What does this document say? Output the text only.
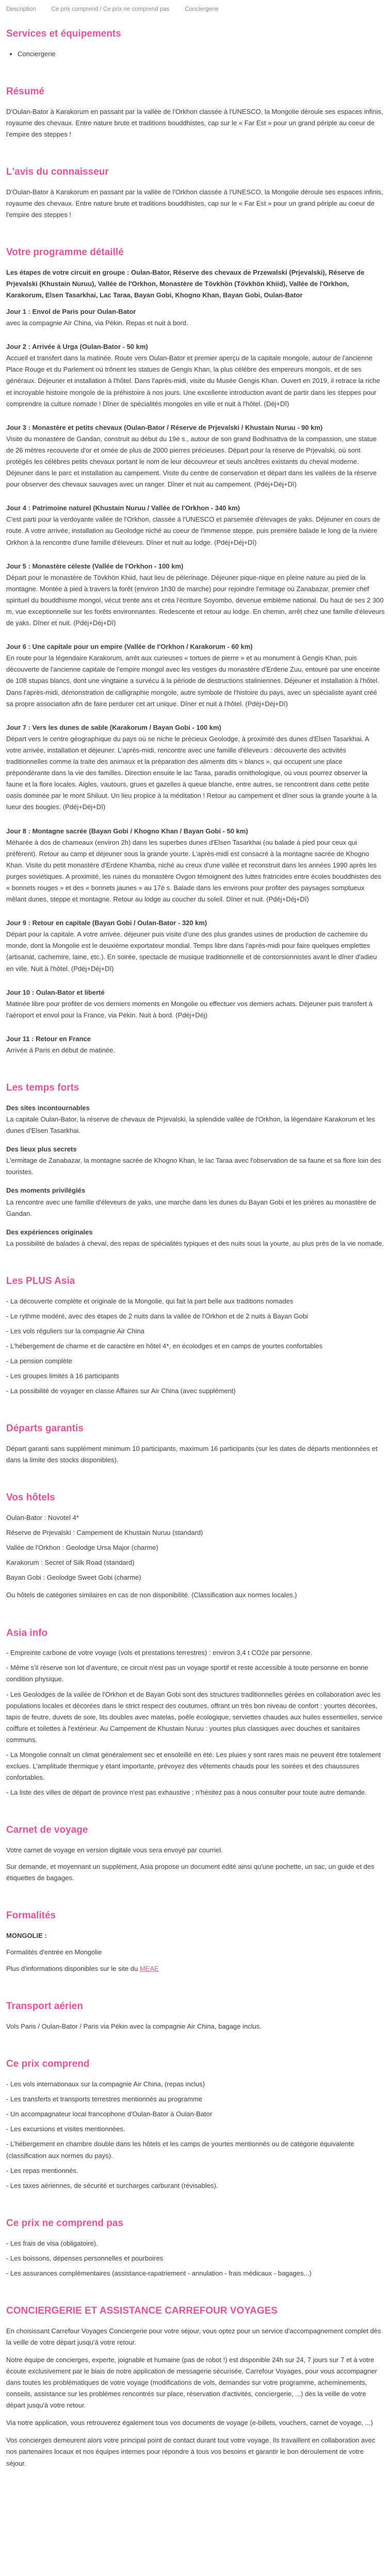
Description	Ce prix comprend / Ce prix ne comprend pas	Conciergerie
Services et équipements
• Conciergerie
Résumé

D'Oulan-Bator à Karakorum en passant par la vallée de l'Orkhon classée à l'UNESCO, la Mongolie déroule ses espaces infinis, royaume des chevaux. Entre nature brute et traditions bouddhistes, cap sur le « Far Est » pour un grand périple au coeur de l'empire des steppes !

L'avis du connaisseur

D'Oulan-Bator à Karakorum en passant par la vallée de l'Orkhon classée à l'UNESCO, la Mongolie déroule ses espaces infinis, royaume des chevaux. Entre nature brute et traditions bouddhistes, cap sur le « Far Est » pour un grand périple au coeur de l'empire des steppes !

Votre programme détaillé

Les étapes de votre circuit en groupe : Oulan-Bator, Réserve des chevaux de Przewalski (Prjevalski), Réserve de Prjevalski (Khustain Nuruu), Vallée de l'Orkhon, Monastère de Tövkhön (Tövkhön Khiid), Vallée de l'Orkhon, Karakorum, Elsen Tasarkhai, Lac Taraa, Bayan Gobi, Khogno Khan, Bayan Gobi, Oulan-Bator

Jour 1 : Envol de Paris pour Oulan-Bator
avec la compagnie Air China, via Pékin. Repas et nuit à bord.
Jour 2 : Arrivée à Urga (Oulan-Bator - 50 km)
Accueil et transfert dans la matinée. Route vers Oulan-Bator et premier aperçu de la capitale mongole, autour de l'ancienne Place Rouge et du Parlement où trônent les statues de Gengis Khan, la plus célèbre des empereurs mongols, et de ses généraux. Déjeuner et installation à l'hôtel. Dans l'après-midi, visite du Musée Gengis Khan. Ouvert en 2019, il retrace la riche et incroyable histoire mongole de la préhistoire à nos jours. Une excellente introduction avant de partir dans les steppes pour comprendre la culture nomade ! Dîner de spécialités mongoles en ville et nuit à l'hôtel. (Déj+Dî)
Jour 3 : Monastère et petits chevaux (Oulan-Bator / Réserve de Prjevalski / Khustain Nuruu - 90 km)
Visite du monastère de Gandan, construit au début du 19è s., autour de son grand Bodhisattva de la compassion, une statue de 26 mètres recouverte d'or et ornée de plus de 2000 pierres précieuses. Départ pour la réserve de Prjevalski, où sont protégés les célèbres petits chevaux portant le nom de leur découvreur et seuls ancêtres existants du cheval moderne. Déjeuner dans le parc et installation au campement. Visite du centre de conservation et départ dans les vallées de la réserve pour observer des chevaux sauvages avec un ranger. Dîner et nuit au campement. (Pdéj+Déj+Dî)
Jour 4 : Patrimoine naturel (Khustain Nuruu / Vallée de l'Orkhon - 340 km)
C'est parti pour la verdoyante vallée de l'Orkhon, classée à l'UNESCO et parsemée d'élevages de yaks. Déjeuner en cours de route. A votre arrivée, installation au Geolodge niché au coeur de l'immense steppe, puis première balade le long de la rivière Orkhon à la rencontre d'une famille d'éleveurs. Dîner et nuit au lodge. (Pdéj+Déj+Dî)
Jour 5 : Monastère céleste (Vallée de l'Orkhon - 100 km)
Départ pour le monastère de Tövkhön Khiid, haut lieu de pèlerinage. Déjeuner pique-nique en pleine nature au pied de la montagne. Montée à pied à travers la forêt (environ 1h30 de marche) pour rejoindre l'ermitage où Zanabazar, premier chef spirituel du bouddhisme mongol, vécut trente ans et créa l'écriture Soyombo, devenue emblème national. Du haut de ses 2 300 m, vue exceptionnelle sur les forêts environnantes. Redescente et retour au lodge. En chemin, arrêt chez une famille d'éleveurs de yaks. Dîner et nuit. (Pdéj+Déj+Dî)
Jour 6 : Une capitale pour un empire (Vallée de l'Orkhon / Karakorum - 60 km)
En route pour la légendaire Karakorum, arrêt aux curieuses « tortues de pierre » et au monument à Gengis Khan, puis découverte de l'ancienne capitale de l'empire mongol avec les vestiges du monastère d'Erdene Zuu, entouré par une enceinte de 108 stupas blancs, dont une vingtaine a survécu à la période de destructions staliniennes. Déjeuner et installation à l'hôtel. Dans l'après-midi, démonstration de calligraphie mongole, autre symbole de l'histoire du pays, avec un spécialiste ayant créé sa propre association afin de faire perdurer cet art unique. Dîner et nuit à l'hôtel. (Pdéj+Déj+Dî)
Jour 7 : Vers les dunes de sable (Karakorum / Bayan Gobi - 100 km)
Départ vers le centre géographique du pays où se niche le précieux Geolodge, à proximité des dunes d'Elsen Tasarkhai. A votre arrivée, installation et déjeuner. L'après-midi, rencontre avec une famille d'éleveurs : découverte des activités traditionnelles comme la traite des animaux et la préparation des aliments dits « blancs », qui occupent une place prépondérante dans la vie des familles. Direction ensuite le lac Taraa, paradis ornithologique, où vous pourrez observer la faune et la flore locales. Aigles, vautours, grues et gazelles à queue blanche, entre autres, se rencontrent dans cette petite oasis dominée par le mont Shiluut. Un lieu propice à la méditation ! Retour au campement et dîner sous la grande yourte à la lueur des bougies. (Pdéj+Déj+Dî)
Jour 8 : Montagne sacrée (Bayan Gobi / Khogno Khan / Bayan Gobi - 50 km)
Méharée à dos de chameaux (environ 2h) dans les superbes dunes d'Elsen Tasarkhai (ou balade à pied pour ceux qui préfèrent). Retour au camp et déjeuner sous la grande yourte. L'après-midi est consacré à la montagne sacrée de Khogno Khan. Visite du petit monastère d'Erdene Khamba, niché au creux d'une vallée et reconstruit dans les années 1990 après les purges soviétiques. A proximité, les ruines du monastère Ovgon témoignent des luttes fratricides entre écoles bouddhistes des « bonnets rouges » et des « bonnets jaunes » au 17è s. Balade dans les environs pour profiter des paysages somptueux mêlant dunes, steppe et montagne. Retour au lodge au coucher du soleil. Dîner et nuit. (Pdéj+Déj+Dî)
Jour 9 : Retour en capitale (Bayan Gobi / Oulan-Bator - 320 km)
Départ pour la capitale. A votre arrivée, déjeuner puis visite d'une des plus grandes usines de production de cachemire du monde, dont la Mongolie est le deuxième exportateur mondial. Temps libre dans l'après-midi pour faire quelques emplettes (artisanat, cachemire, laine, etc.). En soirée, spectacle de musique traditionnelle et de contorsionnistes avant le dîner d'adieu en ville. Nuit à l'hôtel. (Pdéj+Déj+Dî)
Jour 10 : Oulan-Bator et liberté
Matinée libre pour profiter de vos derniers moments en Mongolie ou effectuer vos derniers achats. Déjeuner puis transfert à l'aéroport et envol pour la France, via Pékin. Nuit à bord. (Pdéj+Déj)
Jour 11 : Retour en France
Arrivée à Paris en début de matinée.
Les temps forts

Des sites incontournables

La capitale Oulan-Bator, la réserve de chevaux de Prjevalski, la splendide vallée de l'Orkhon, la légendaire Karakorum et les dunes d'Elsen Tasarkhai.

Des lieux plus secrets

L'ermitage de Zanabazar, la montagne sacrée de Khogno Khan, le lac Taraa avec l'observation de sa faune et sa flore loin des touristes.

Des moments privilégiés

La rencontre avec une famille d'éleveurs de yaks, une marche dans les dunes du Bayan Gobi et les prières au monastère de Gandan.

Des expériences originales

La possibilité de balades à cheval, des repas de spécialités typiques et des nuits sous la yourte, au plus près de la vie nomade.

Les PLUS Asia

- La découverte complète et originale de la Mongolie, qui fait la part belle aux traditions nomades

- Le rythme modéré, avec des étapes de 2 nuits dans la vallée de l'Orkhon et de 2 nuits à Bayan Gobi

- Les vols réguliers sur la compagnie Air China

- L'hébergement de charme et de caractère en hôtel 4*, en écolodges et en camps de yourtes confortables

- La pension complète

- Les groupes limités à 16 participants

- La possibilité de voyager en classe Affaires sur Air China (avec supplément)

Départs garantis

Départ garanti sans supplément minimum 10 participants, maximum 16 participants (sur les dates de départs mentionnées et dans la limite des stocks disponibles).

Vos hôtels

Oulan-Bator : Novotel 4*

Réserve de Prjevalski : Campement de Khustain Nuruu (standard)

Vallée de l'Orkhon : Geolodge Ursa Major (charme)

Karakorum : Secret of Silk Road (standard)

Bayan Gobi : Geolodge Sweet Gobi (charme)

Ou hôtels de catégories similaires en cas de non disponibilité. (Classification aux normes locales.)

Asia info

- Empreinte carbone de votre voyage (vols et prestations terrestres) : environ 3,4 t CO2e par personne.

- Même s'il réserve son lot d'aventure, ce circuit n'est pas un voyage sportif et reste accessible à toute personne en bonne condition physique.

- Les Geolodges de la vallée de l'Orkhon et de Bayan Gobi sont des structures traditionnelles gérées en collaboration avec les populations locales et décorées dans le strict respect des coutumes, offrant un très bon niveau de confort : yourtes décorées, tapis de feutre, duvets de soie, lits doubles avec matelas, poêle écologique, serviettes chaudes aux huiles essentielles, service coiffure et toilettes à l'extérieur. Au Campement de Khustain Nuruu : yourtes plus classiques avec douches et sanitaires communs.

- La Mongolie connaît un climat généralement sec et ensoleillé en été. Les pluies y sont rares mais ne peuvent être totalement exclues. L'amplitude thermique y étant importante, prévoyez des vêtements chauds pour les soirées et des chaussures confortables.

- La liste des villes de départ de province n'est pas exhaustive ; n'hésitez pas à nous consulter pour toute autre demande.

Carnet de voyage

Votre carnet de voyage en version digitale vous sera envoyé par courriel.

Sur demande, et moyennant un supplément, Asia propose un document édité ainsi qu'une pochette, un sac, un guide et des étiquettes de bagages.

Formalités

MONGOLIE :

Formalités d'entrée en Mongolie

Plus d'informations disponibles sur le site du MEAE

Transport aérien

Vols Paris / Oulan-Bator / Paris via Pékin avec la compagnie Air China, bagage inclus.

Ce prix comprend

- Les vols internationaux sur la compagnie Air China, (repas inclus)

- Les transferts et transports terrestres mentionnés au programme

- Un accompagnateur local francophone d'Oulan-Bator à Oulan-Bator

- Les excursions et visites mentionnées.

- L'hébergement en chambre double dans les hôtels et les camps de yourtes mentionnés ou de catégorie équivalente (classification aux normes du pays).

- Les repas mentionnés.

- Les taxes aériennes, de sécurité et surcharges carburant (révisables).

Ce prix ne comprend pas

- Les frais de visa (obligatoire).

- Les boissons, dépenses personnelles et pourboires

- Les assurances complémentaires (assistance-rapatriement - annulation - frais médicaux - bagages...)

CONCIERGERIE ET ASSISTANCE CARREFOUR VOYAGES

En choisissant Carrefour Voyages Conciergerie pour votre séjour, vous optez pour un service d'accompagnement complet dès la veille de votre départ jusqu'à votre retour.

Notre équipe de concierges, experte, joignable et humaine (pas de robot !) est disponible 24h sur 24, 7 jours sur 7 et à votre écoute exclusivement par le biais de notre application de messagerie sécurisée, Carrefour Voyages, pour vous accompagner dans toutes les problématiques de votre voyage (modifications de vols, demandes sur votre programme, acheminements, conseils, assistance sur les problèmes rencontrés sur place, réservation d'activités, conciergerie, ...) dès la veille de votre départ jusqu'à votre retour.

Via notre application, vous retrouverez également tous vos documents de voyage (e-billets, vouchers, carnet de voyage, ...)

Vos concierges demeurent alors votre principal point de contact durant tout votre voyage. Ils travaillent en collaboration avec nos partenaires locaux et nos équipes internes pour répondre à tous vos besoins et garantir le bon déroulement de votre séjour.
